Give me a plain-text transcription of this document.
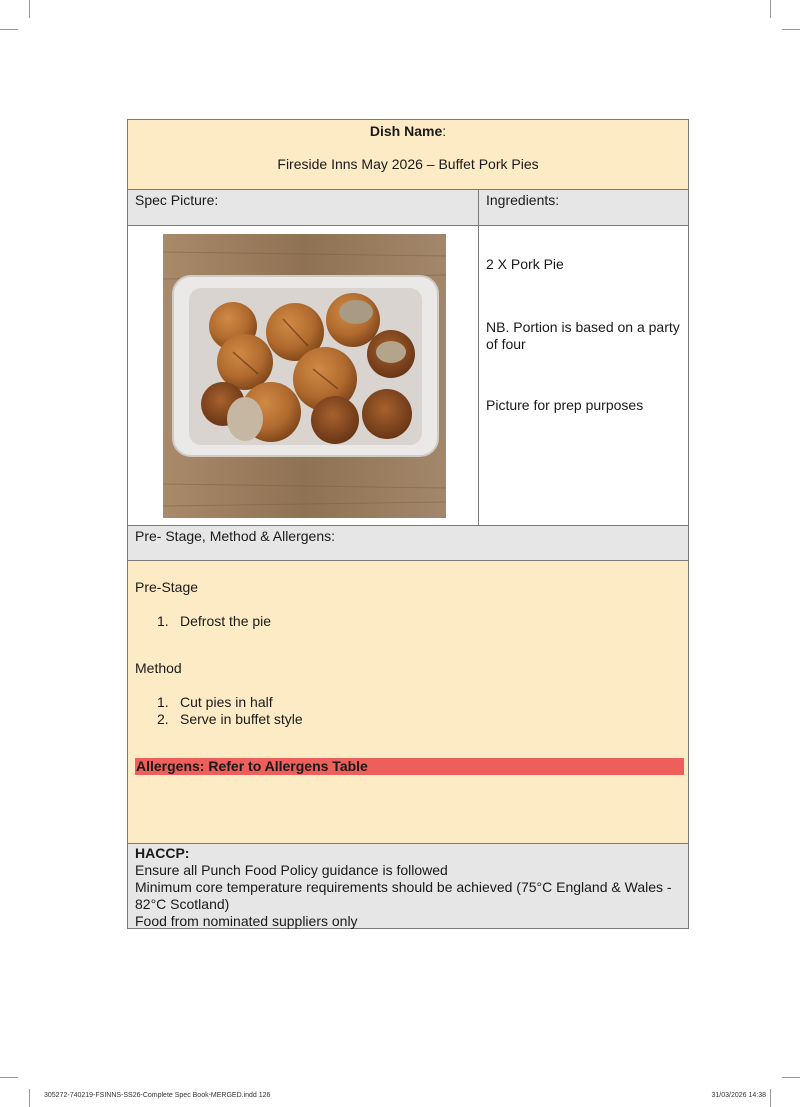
Dish Name:
Fireside Inns May 2026 – Buffet Pork Pies
Spec Picture:	Ingredients:

2 X Pork Pie

NB. Portion is based on a party of four

Picture for prep purposes

Pre- Stage, Method & Allergens:

Pre-Stage

1. Defrost the pie

Method

1. Cut pies in half
2. Serve in buffet style
Allergens: Refer to Allergens Table

HACCP:

Ensure all Punch Food Policy guidance is followed

Minimum core temperature requirements should be achieved (75°C England & Wales - 82°C Scotland)

Food from nominated suppliers only

305272-740219-FSINNS-SS26-Complete Spec Book-MERGED.indd 126	31/03/2026 14:38
